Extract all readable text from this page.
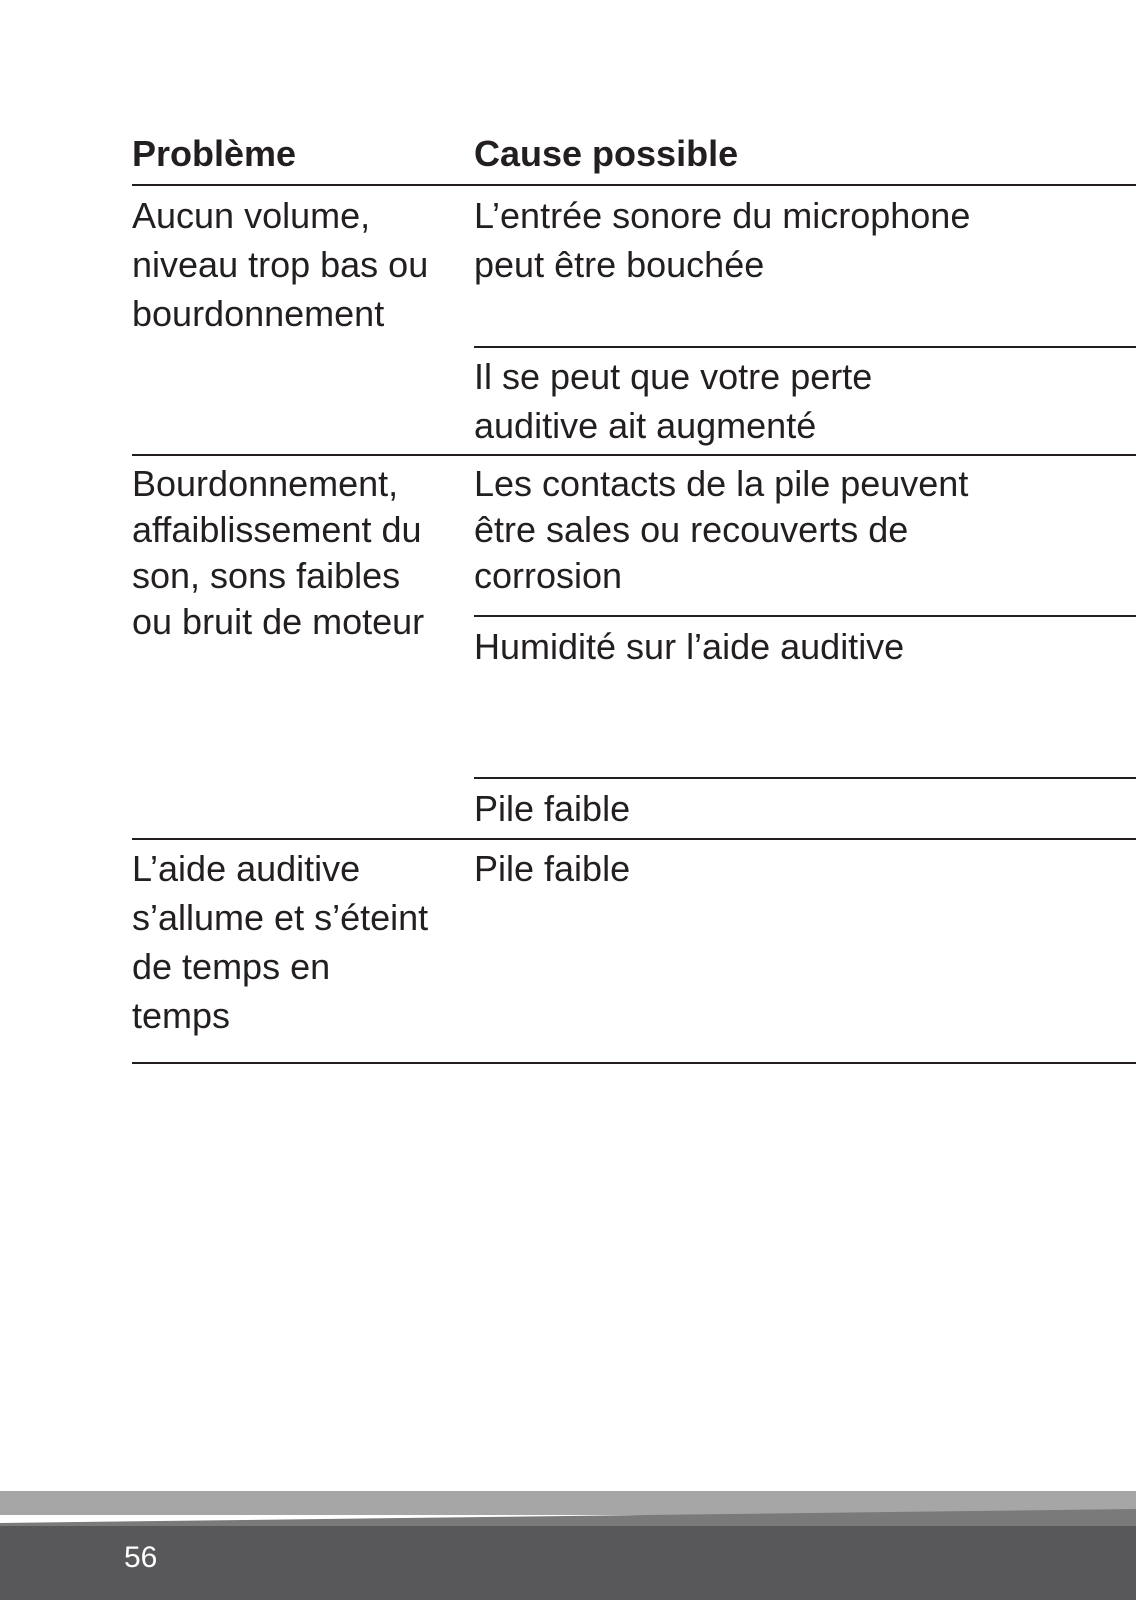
Problème	Cause possible
Aucun volume,
niveau trop bas ou
bourdonnement
L’entrée sonore du microphone
peut être bouchée
Il se peut que votre perte
auditive ait augmenté
Bourdonnement,
affaiblissement du
son, sons faibles
ou bruit de moteur
Les contacts de la pile peuvent
être sales ou recouverts de
corrosion
Humidité sur l’aide auditive
Pile faible
L’aide auditive
s’allume et s’éteint
de temps en
temps
Pile faible
56
